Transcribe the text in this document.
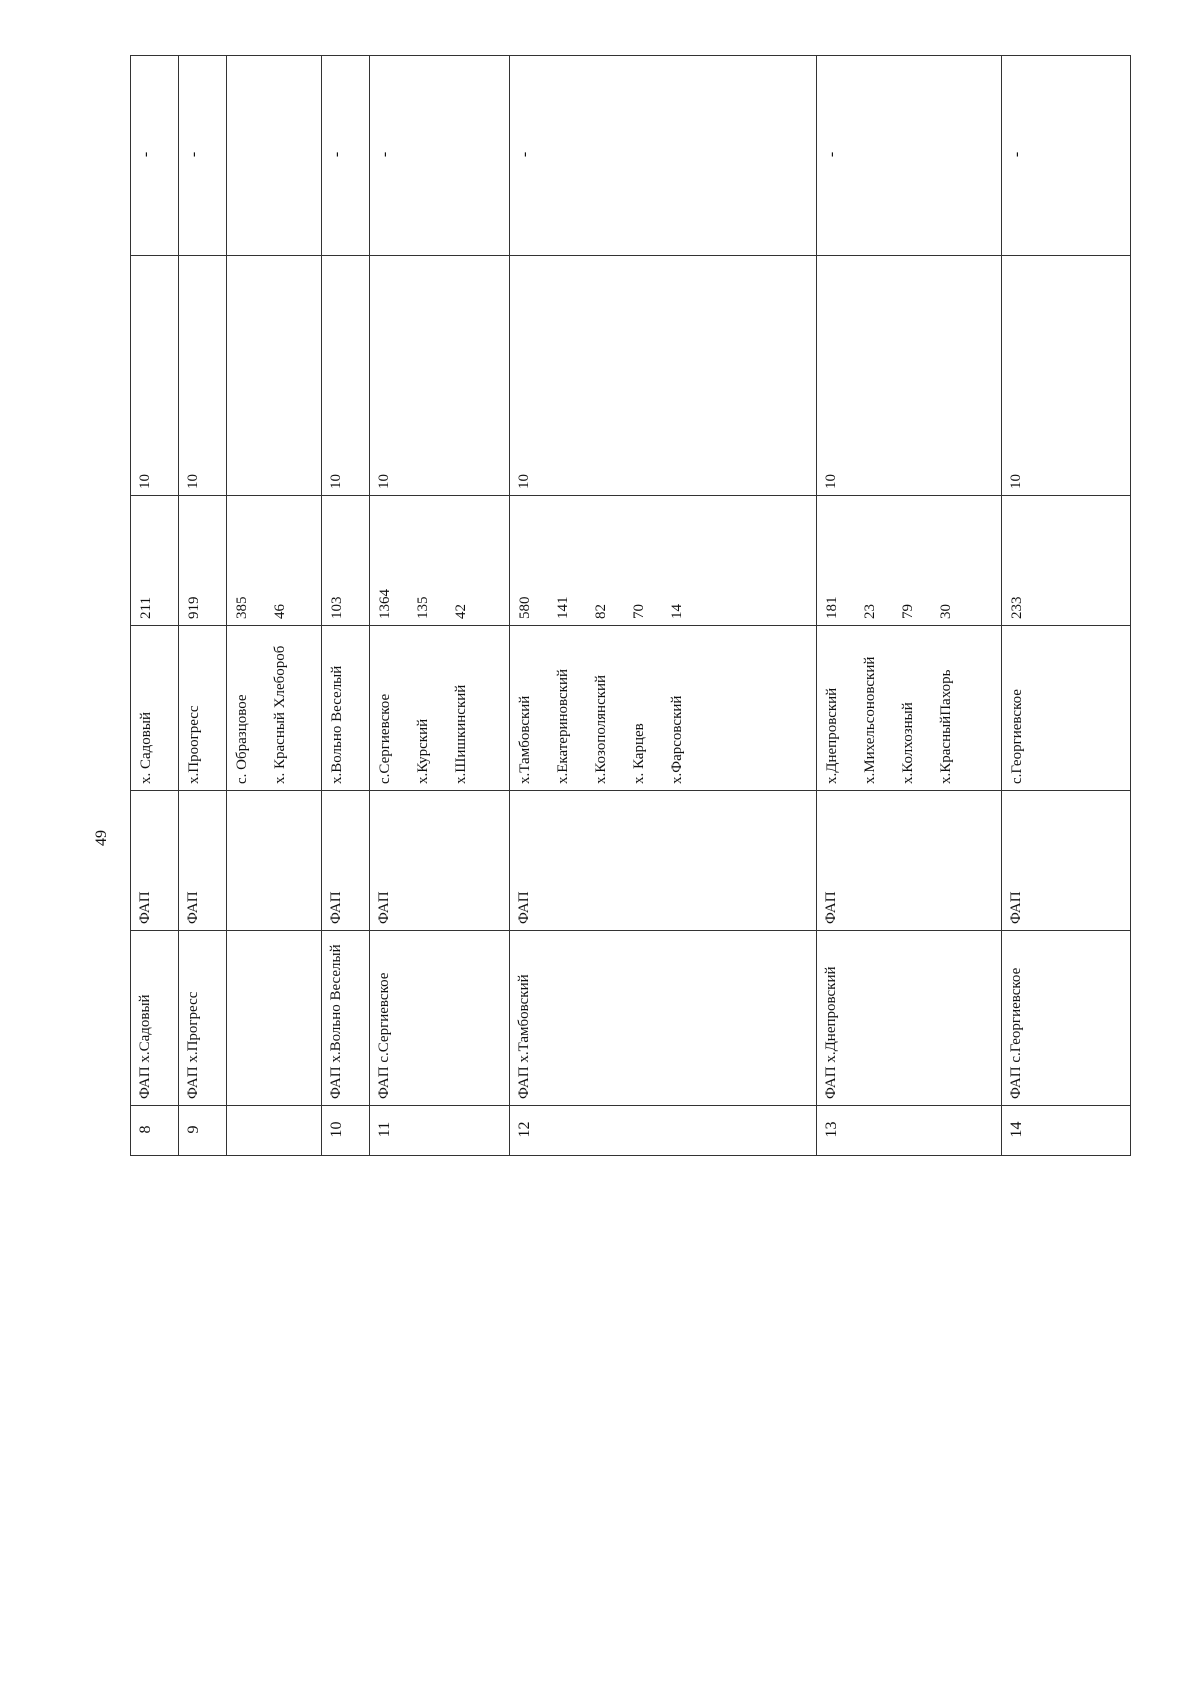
49
8	ФАП х.Садовый	ФАП	х. Садовый	211	10	-
9	ФАП х.Прогресс	ФАП	х.Проогресс	919	10	-

			с. Образцовое х. Красный Хлебороб	385 46		

10	ФАП х.Вольно Веселый	ФАП	х.Вольно Веселый	103	10	-
11	ФАП с.Сергиевское	ФАП	с.Сергиевское х.Курский х.Шишкинский	1364 135 42	10	-
12	ФАП х.Тамбовский	ФАП	х.Тамбовский х.Екатериновский х.Козополянский х. Карцев х.Фарсовский	580 141 82 70 14	10	-
13	ФАП х.Днепровский	ФАП	х.Днепровский х.Михельсоновский х.Колхозный х.КрасныйПахорь	181 23 79 30	10	-
14	ФАП с.Георгиевское	ФАП	с.Георгиевское	233	10	-
